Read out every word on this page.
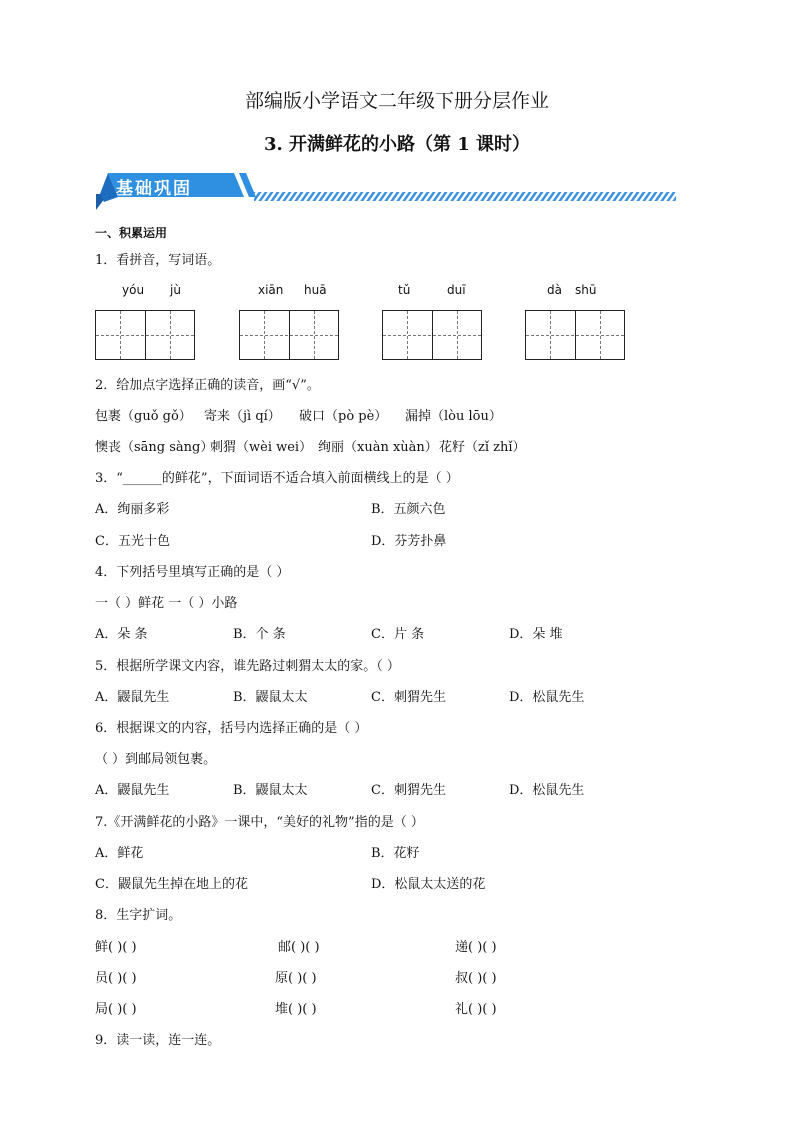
部编版小学语文二年级下册分层作业
3. 开满鲜花的小路（第 1 课时）
基础巩固
一、积累运用
1．看拼音，写词语。
yóu jù	xiān huā	tǔ	duī	dà shū
2．给加点字选择正确的读音，画“√”。
包裹（guǒ gǒ） 寄来（jì qí） 破口（pò pè） 漏掉（lòu lōu）
懊丧（sāng sàng）
刺猬（wèi wei） 绚丽（xuàn xùàn） 花籽（zǐ zhǐ）
3．“______的鲜花”，下面词语不适合填入前面横线上的是（ ）
A．绚丽多彩	B．五颜六色
C．五光十色	D．芬芳扑鼻
4．下列括号里填写正确的是（ ）
一（ ）鲜花 一（ ）小路
A．朵 条	B．个 条	C．片 条	D．朵 堆
5．根据所学课文内容，谁先路过刺猬太太的家。（ ）
A．鼹鼠先生	B．鼹鼠太太	C．刺猬先生	D．松鼠先生
6．根据课文的内容，括号内选择正确的是（ ）
（ ）到邮局领包裹。
A．鼹鼠先生	B．鼹鼠太太	C．刺猬先生	D．松鼠先生
7.《开满鲜花的小路》一课中，“美好的礼物”指的是（ ）
A．鲜花	B．花籽
C．鼹鼠先生掉在地上的花	D．松鼠太太送的花
8．生字扩词。
鲜( )( )	邮( )( )	递( )( )
员( )( )	原( )( )	叔( )( )
局( )( )	堆( )( )	礼( )( )
9．读一读，连一连。
